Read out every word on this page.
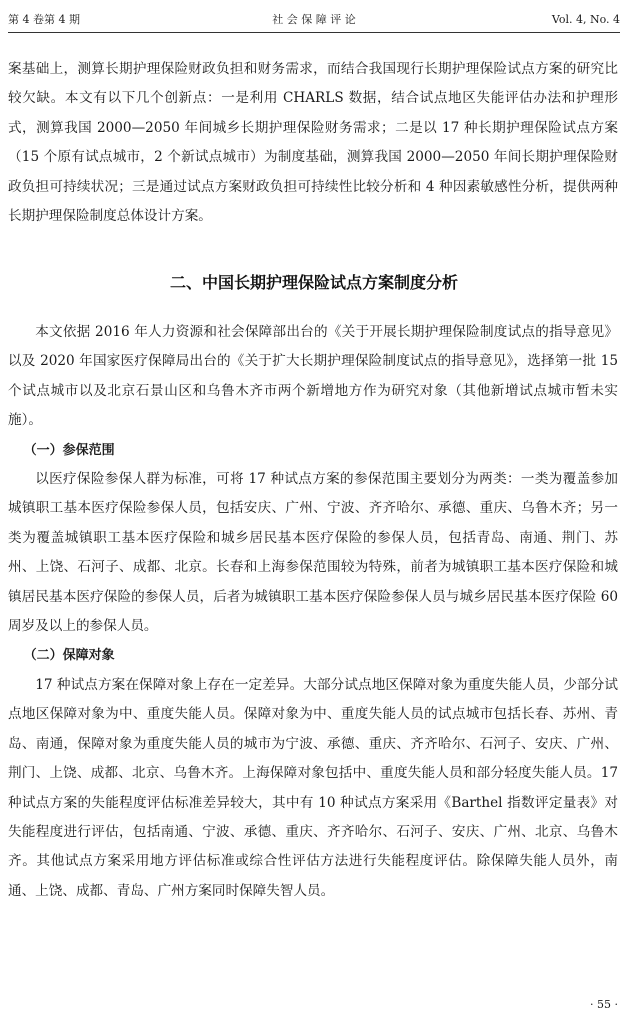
第 4 卷第 4 期	社 会 保 障 评 论	Vol. 4, No. 4

案基础上，测算长期护理保险财政负担和财务需求，而结合我国现行长期护理保险试点方案的研究比较欠缺。本文有以下几个创新点：一是利用 CHARLS 数据，结合试点地区失能评估办法和护理形式，测算我国 2000—2050 年间城乡长期护理保险财务需求；二是以 17 种长期护理保险试点方案（15 个原有试点城市，2 个新试点城市）为制度基础，测算我国 2000—2050 年间长期护理保险财政负担可持续状况；三是通过试点方案财政负担可持续性比较分析和 4 种因素敏感性分析，提供两种长期护理保险制度总体设计方案。

二、中国长期护理保险试点方案制度分析

本文依据 2016 年人力资源和社会保障部出台的《关于开展长期护理保险制度试点的指导意见》以及 2020 年国家医疗保障局出台的《关于扩大长期护理保险制度试点的指导意见》，选择第一批 15 个试点城市以及北京石景山区和乌鲁木齐市两个新增地方作为研究对象（其他新增试点城市暂未实施）。

（一）参保范围

以医疗保险参保人群为标准，可将 17 种试点方案的参保范围主要划分为两类：一类为覆盖参加城镇职工基本医疗保险参保人员，包括安庆、广州、宁波、齐齐哈尔、承德、重庆、乌鲁木齐；另一类为覆盖城镇职工基本医疗保险和城乡居民基本医疗保险的参保人员，包括青岛、南通、荆门、苏州、上饶、石河子、成都、北京。长春和上海参保范围较为特殊，前者为城镇职工基本医疗保险和城镇居民基本医疗保险的参保人员，后者为城镇职工基本医疗保险参保人员与城乡居民基本医疗保险 60 周岁及以上的参保人员。

（二）保障对象

17 种试点方案在保障对象上存在一定差异。大部分试点地区保障对象为重度失能人员，少部分试点地区保障对象为中、重度失能人员。保障对象为中、重度失能人员的试点城市包括长春、苏州、青岛、南通，保障对象为重度失能人员的城市为宁波、承德、重庆、齐齐哈尔、石河子、安庆、广州、荆门、上饶、成都、北京、乌鲁木齐。上海保障对象包括中、重度失能人员和部分轻度失能人员。17 种试点方案的失能程度评估标准差异较大，其中有 10 种试点方案采用《Barthel 指数评定量表》对失能程度进行评估，包括南通、宁波、承德、重庆、齐齐哈尔、石河子、安庆、广州、北京、乌鲁木齐。其他试点方案采用地方评估标准或综合性评估方法进行失能程度评估。除保障失能人员外，南通、上饶、成都、青岛、广州方案同时保障失智人员。

· 55 ·
